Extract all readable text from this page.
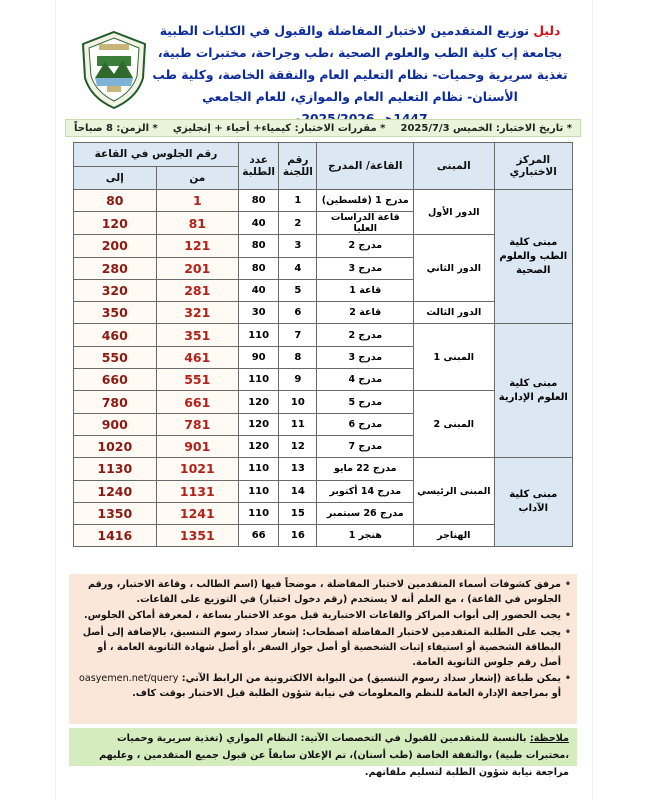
دليل توزيع المتقدمين لاختبار المفاضلة والقبول في الكليات الطبية بجامعة إب كلية الطب والعلوم الصحية ،طب وجراحة، مختبرات طبية، تغذية سريرية وحميات- نظام التعليم العام والنفقة الخاصة، وكلية طب الأسنان- نظام التعليم العام والموازي، للعام الجامعي
* تاريخ الاختبار: الخميس 2025/7/3
* مقررات الاختبار: كيمياء+ أحياء + إنجليزي
* الزمن: 8 صباحاً
المركز الاختباري	المبنى	القاعة/ المدرج	رقم اللجنة	عدد الطلبة	رقم الجلوس في القاعة	
					من	إلى
مبنى كلية الطب والعلوم الصحية	الدور الأول	مدرج 1 (فلسطين)	1	80	1	80
		قاعة الدراسات العليا	2	40	81	120
	الدور الثاني	مدرج 2	3	80	121	200
		مدرج 3	4	80	201	280
		قاعة 1	5	40	281	320
	الدور الثالث	قاعة 2	6	30	321	350
مبنى كلية العلوم الإدارية	المبنى 1	مدرج 2	7	110	351	460
		مدرج 3	8	90	461	550
		مدرج 4	9	110	551	660
	المبنى 2	مدرج 5	10	120	661	780
		مدرج 6	11	120	781	900
		مدرج 7	12	120	901	1020
مبنى كلية الآداب	المبنى الرئيسي	مدرج 22 مايو	13	110	1021	1130
		مدرج 14 أكتوبر	14	110	1131	1240
		مدرج 26 سبتمبر	15	110	1241	1350
	الهناجر	هنجر 1	16	66	1351	1416
• مرفق كشوفات أسماء المتقدمين لاختبار المفاضلة ، موضحاً فيها (اسم الطالب ، وقاعة الاختبار، ورقم الجلوس في القاعة) ، مع العلم أنه لا يستخدم (رقم دخول اختبار) في التوزيع على القاعات.
• يجب الحضور إلى أبواب المراكز والقاعات الاختبارية قبل موعد الاختبار بساعة ، لمعرفة أماكن الجلوس.
• يجب على الطلبة المتقدمين لاختبار المفاضلة اصطحاب: إشعار سداد رسوم التنسيق، بالإضافة إلى أصل البطاقة الشخصية أو استيفاء إثبات الشخصية أو أصل جواز السفر ،أو أصل شهادة الثانوية العامة ، أو أصل رقم جلوس الثانوية العامة.
• يمكن طباعة (إشعار سداد رسوم التنسيق) من البوابة الالكترونية من الرابط الآتي: oasyemen.net/query أو بمراجعة الإدارة العامة للنظم والمعلومات في نيابة شؤون الطلبة قبل الاختبار بوقت كاف.
ملاحظة: بالنسبة للمتقدمين للقبول في التخصصات الآتية: النظام الموازي (تغذية سريرية وحميات ،مختبرات طبية) ،والنفقة الخاصة (طب أسنان)، تم الإعلان سابقاً عن قبول جميع المتقدمين ، وعليهم مراجعة نيابة شؤون الطلبة لتسليم ملفاتهم.
